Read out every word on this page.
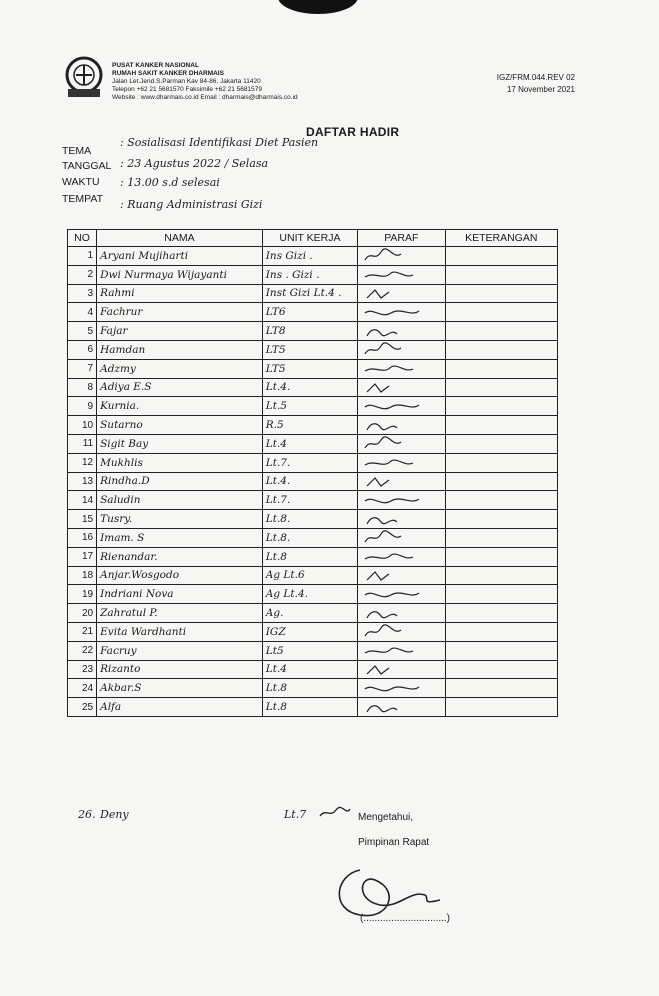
PUSAT KANKER NASIONAL
RUMAH SAKIT KANKER DHARMAIS
Jalan Let.Jend.S.Parman Kav 84-86, Jakarta 11420
Telepon +62 21 5681570 Faksimile +62 21 5681579
Website : www.dharmais.co.id Email : dharmais@dharmais.co.id
IGZ/FRM.044.REV 02
17 November 2021
DAFTAR HADIR
TEMA
: Sosialisasi Identifikasi Diet Pasien
TANGGAL : 23 Agustus 2022 / Selasa
WAKTU : 13.00 s.d selesai
TEMPAT : Ruang Administrasi Gizi
NO	NAMA	UNIT KERJA	PARAF	KETERANGAN
1	Aryani Mujiharti	Ins Gizi .	

2	Dwi Nurmaya Wijayanti	Ins . Gizi .	

3	Rahmi	Inst Gizi Lt.4 .	

4	Fachrur	LT6	

5	Fajar	LT8	

6	Hamdan	LT5	

7	Adzmy	LT5	

8	Adiya E.S	Lt.4.	

9	Kurnia.	Lt.5	

10	Sutarno	R.5	

11	Sigit Bay	Lt.4	

12	Mukhlis	Lt.7.	

13	Rindha.D	Lt.4.	

14	Saludin	Lt.7.	

15	Tusry.	Lt.8.	

16	Imam. S	Lt.8.	

17	Rienandar.	Lt.8	

18	Anjar.Wosgodo	Ag Lt.6	

19	Indriani Nova	Ag Lt.4.	

20	Zahratul P.	Ag.	

21	Evita Wardhanti	IGZ	

22	Facruy	Lt5	

23	Rizanto	Lt.4	

24	Akbar.S	Lt.8	

25	Alfa	Lt.8	

26. Deny	Lt.7	Mengetahui,
Pimpinan Rapat
(..............................)
